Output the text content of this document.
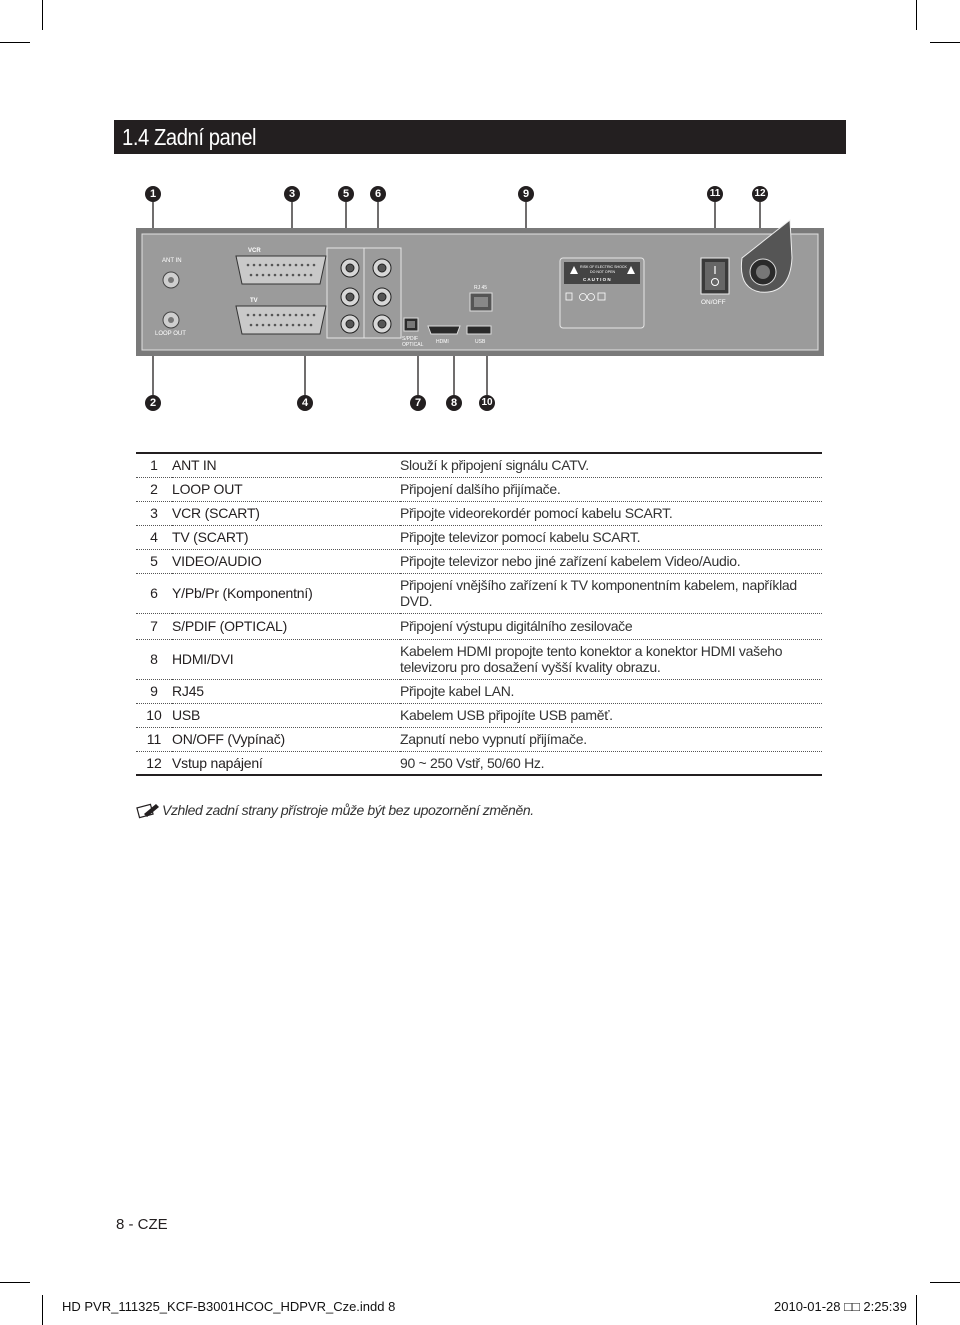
1.4 Zadní panel
1	3	5	6	9	11	12
2	4	7	8	10
ANT IN
LOOP OUT
VCR
TV
S/PDIF
OPTICAL	HDMI
RJ 45
USB
RISK OF ELECTRIC SHOCK
DO NOT OPEN
C A U T I O N
ON/OFF
1	ANT IN	Slouží k připojení signálu CATV.
2	LOOP OUT	Připojení dalšího přijímače.
3	VCR (SCART)	Připojte videorekordér pomocí kabelu SCART.
4	TV (SCART)	Připojte televizor pomocí kabelu SCART.
5	VIDEO/AUDIO	Připojte televizor nebo jiné zařízení kabelem Video/Audio.
6	Y/Pb/Pr (Komponentní)	Připojení vnějšího zařízení k TV komponentním kabelem, například DVD.
7	S/PDIF (OPTICAL)	Připojení výstupu digitálního zesilovače
8	HDMI/DVI	Kabelem HDMI propojte tento konektor a konektor HDMI vašeho televizoru pro dosažení vyšší kvality obrazu.
9	RJ45	Připojte kabel LAN.
10	USB	Kabelem USB připojíte USB paměť.
11	ON/OFF (Vypínač)	Zapnutí nebo vypnutí přijímače.
12	Vstup napájení	90 ~ 250 Vstř, 50/60 Hz.
Vzhled zadní strany přístroje může být bez upozornění změněn.
8 - CZE
HD PVR_111325_KCF-B3001HCOC_HDPVR_Cze.indd 8	2010-01-28 □□ 2:25:39
